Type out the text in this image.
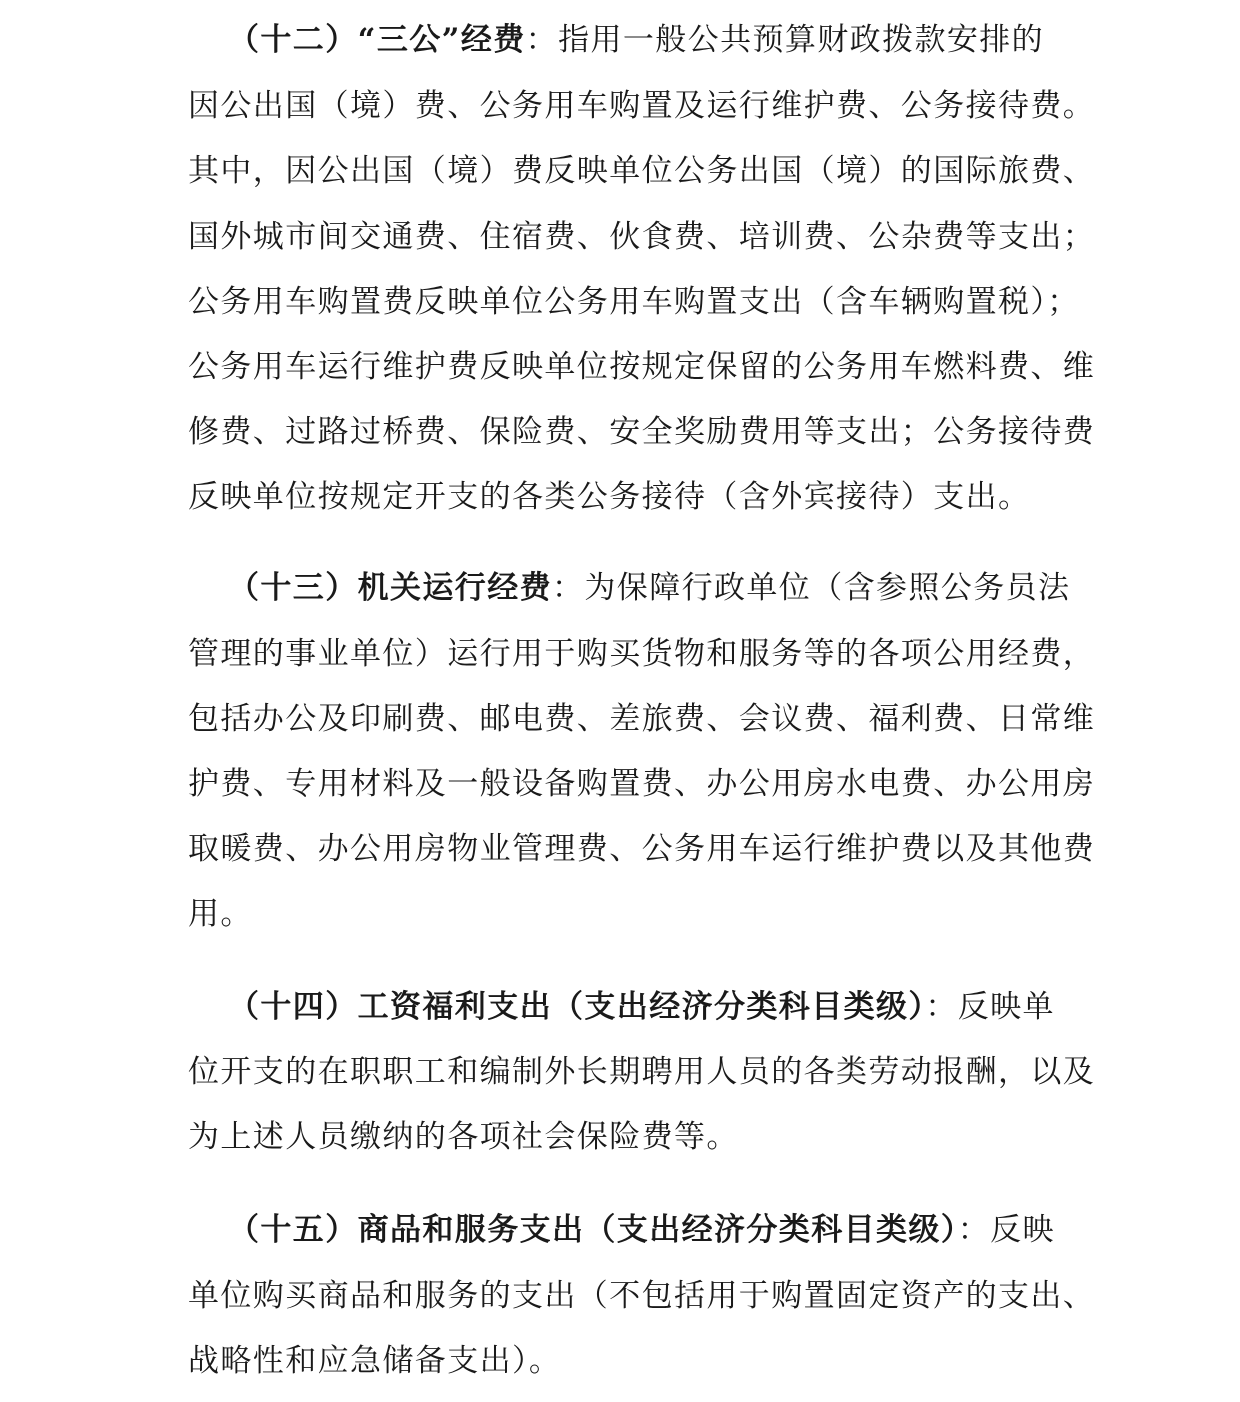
（十二）“三公”经费：指用一般公共预算财政拨款安排的
因公出国（境）费、公务用车购置及运行维护费、公务接待费。
其中，因公出国（境）费反映单位公务出国（境）的国际旅费、
国外城市间交通费、住宿费、伙食费、培训费、公杂费等支出；
公务用车购置费反映单位公务用车购置支出（含车辆购置税）；
公务用车运行维护费反映单位按规定保留的公务用车燃料费、维
修费、过路过桥费、保险费、安全奖励费用等支出；公务接待费
反映单位按规定开支的各类公务接待（含外宾接待）支出。
（十三）机关运行经费：为保障行政单位（含参照公务员法
管理的事业单位）运行用于购买货物和服务等的各项公用经费，
包括办公及印刷费、邮电费、差旅费、会议费、福利费、日常维
护费、专用材料及一般设备购置费、办公用房水电费、办公用房
取暖费、办公用房物业管理费、公务用车运行维护费以及其他费
用。
（十四）工资福利支出（支出经济分类科目类级）：反映单
位开支的在职职工和编制外长期聘用人员的各类劳动报酬，以及
为上述人员缴纳的各项社会保险费等。
（十五）商品和服务支出（支出经济分类科目类级）：反映
单位购买商品和服务的支出（不包括用于购置固定资产的支出、
战略性和应急储备支出）。
